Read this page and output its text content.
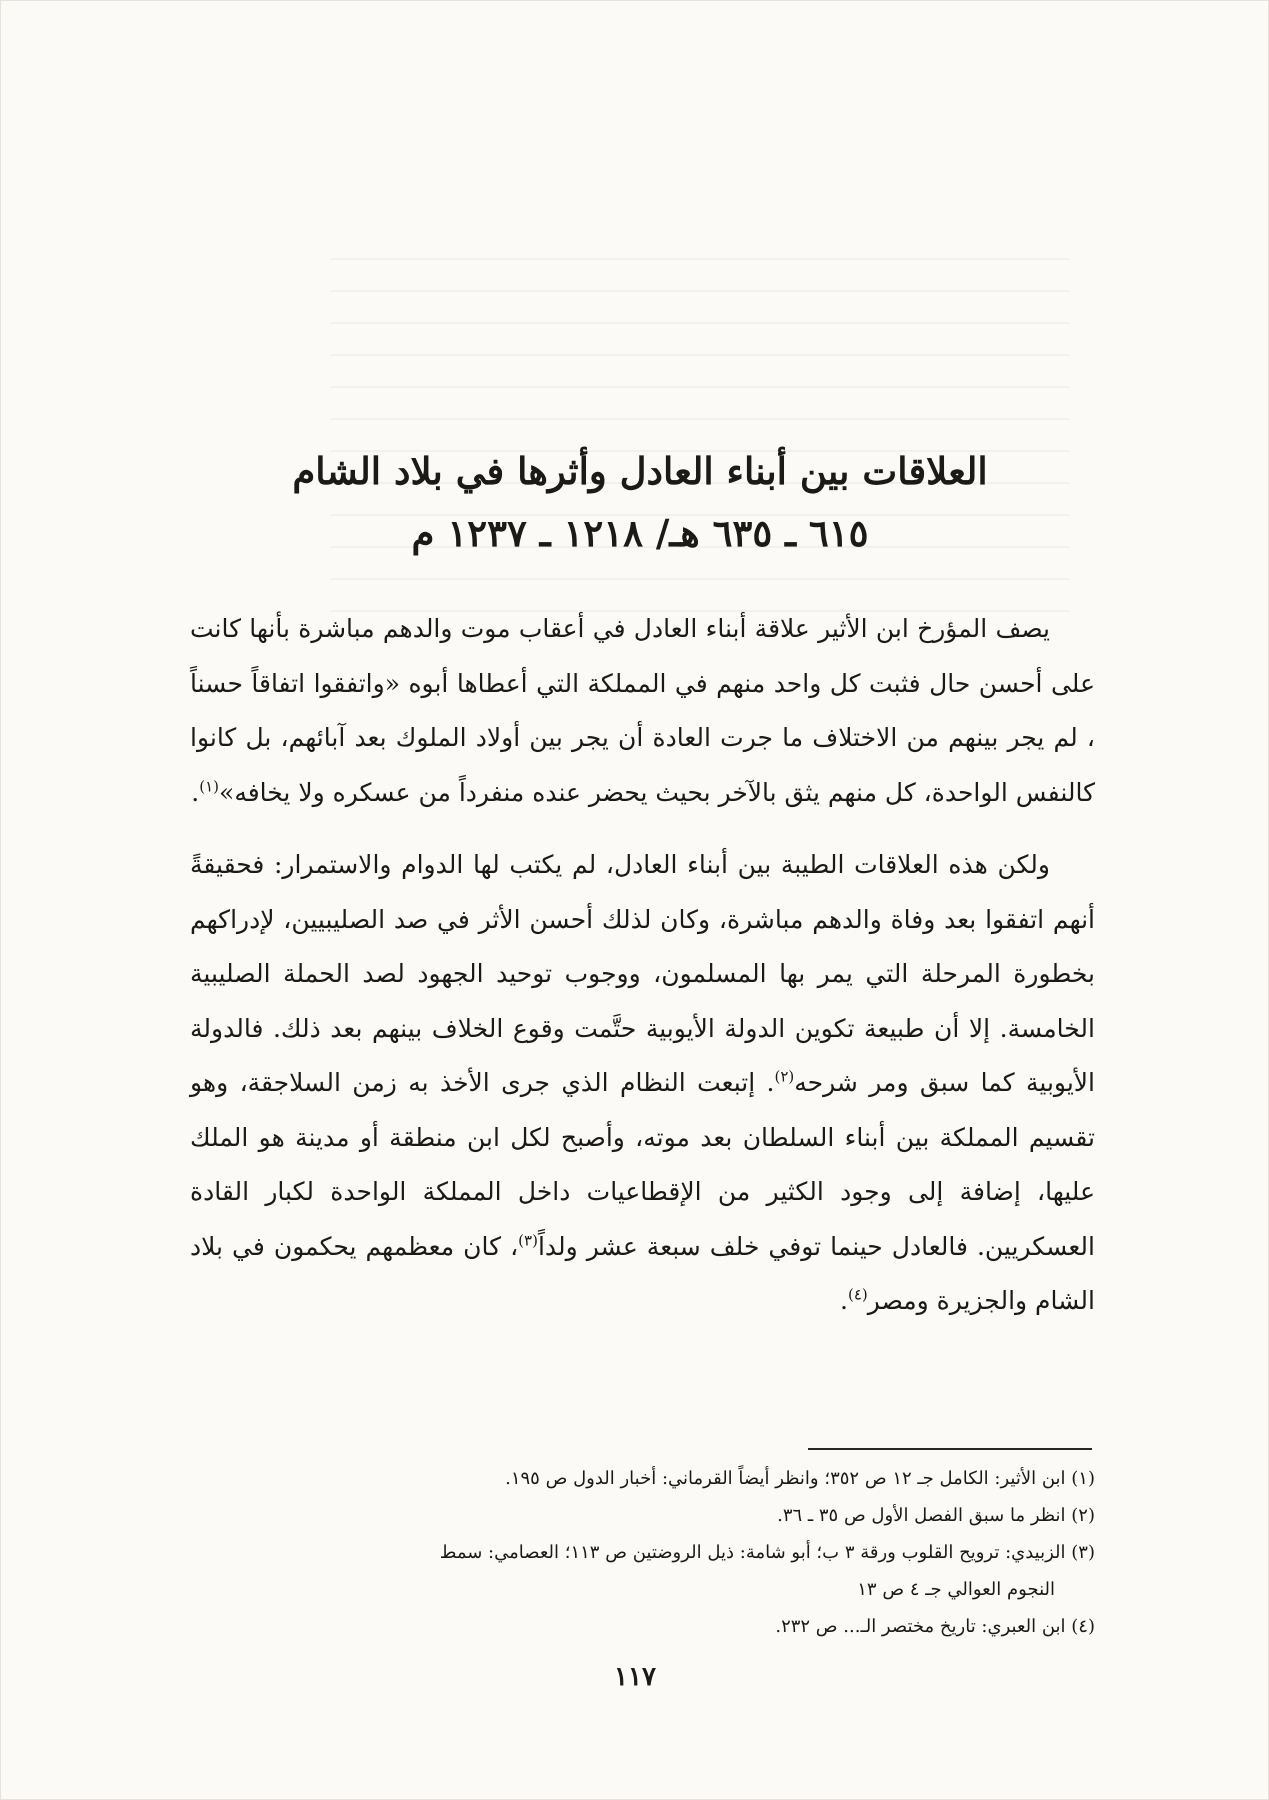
العلاقات بين أبناء العادل وأثرها في بلاد الشام
٦١٥ ـ ٦٣٥ هـ/ ١٢١٨ ـ ١٢٣٧ م

يصف المؤرخ ابن الأثير علاقة أبناء العادل في أعقاب موت والدهم مباشرة بأنها كانت على أحسن حال فثبت كل واحد منهم في المملكة التي أعطاها أبوه «واتفقوا اتفاقاً حسناً ، لم يجر بينهم من الاختلاف ما جرت العادة أن يجر بين أولاد الملوك بعد آبائهم، بل كانوا كالنفس الواحدة، كل منهم يثق بالآخر بحيث يحضر عنده منفرداً من عسكره ولا يخافه»$^{(١)}$.

ولكن هذه العلاقات الطيبة بين أبناء العادل، لم يكتب لها الدوام والاستمرار: فحقيقةً أنهم اتفقوا بعد وفاة والدهم مباشرة، وكان لذلك أحسن الأثر في صد الصليبيين، لإدراكهم بخطورة المرحلة التي يمر بها المسلمون، ووجوب توحيد الجهود لصد الحملة الصليبية الخامسة. إلا أن طبيعة تكوين الدولة الأيوبية حتَّمت وقوع الخلاف بينهم بعد ذلك. فالدولة الأيوبية كما سبق ومر شرحه$^{(٢)}$. إتبعت النظام الذي جرى الأخذ به زمن السلاجقة، وهو تقسيم المملكة بين أبناء السلطان بعد موته، وأصبح لكل ابن منطقة أو مدينة هو الملك عليها، إضافة إلى وجود الكثير من الإقطاعيات داخل المملكة الواحدة لكبار القادة العسكريين. فالعادل حينما توفي خلف سبعة عشر ولداً$^{(٣)}$، كان معظمهم يحكمون في بلاد الشام والجزيرة ومصر$^{(٤)}$.

(١) ابن الأثير: الكامل جـ ١٢ ص ٣٥٢؛ وانظر أيضاً القرماني: أخبار الدول ص ١٩٥.

(٢) انظر ما سبق الفصل الأول ص ٣٥ ـ ٣٦.

(٣) الزبيدي: ترويح القلوب ورقة ٣ ب؛ أبو شامة: ذيل الروضتين ص ١١٣؛ العصامي: سمط

النجوم العوالي جـ ٤ ص ١٣

(٤) ابن العبري: تاريخ مختصر الـ... ص ٢٣٢.

١١٧
